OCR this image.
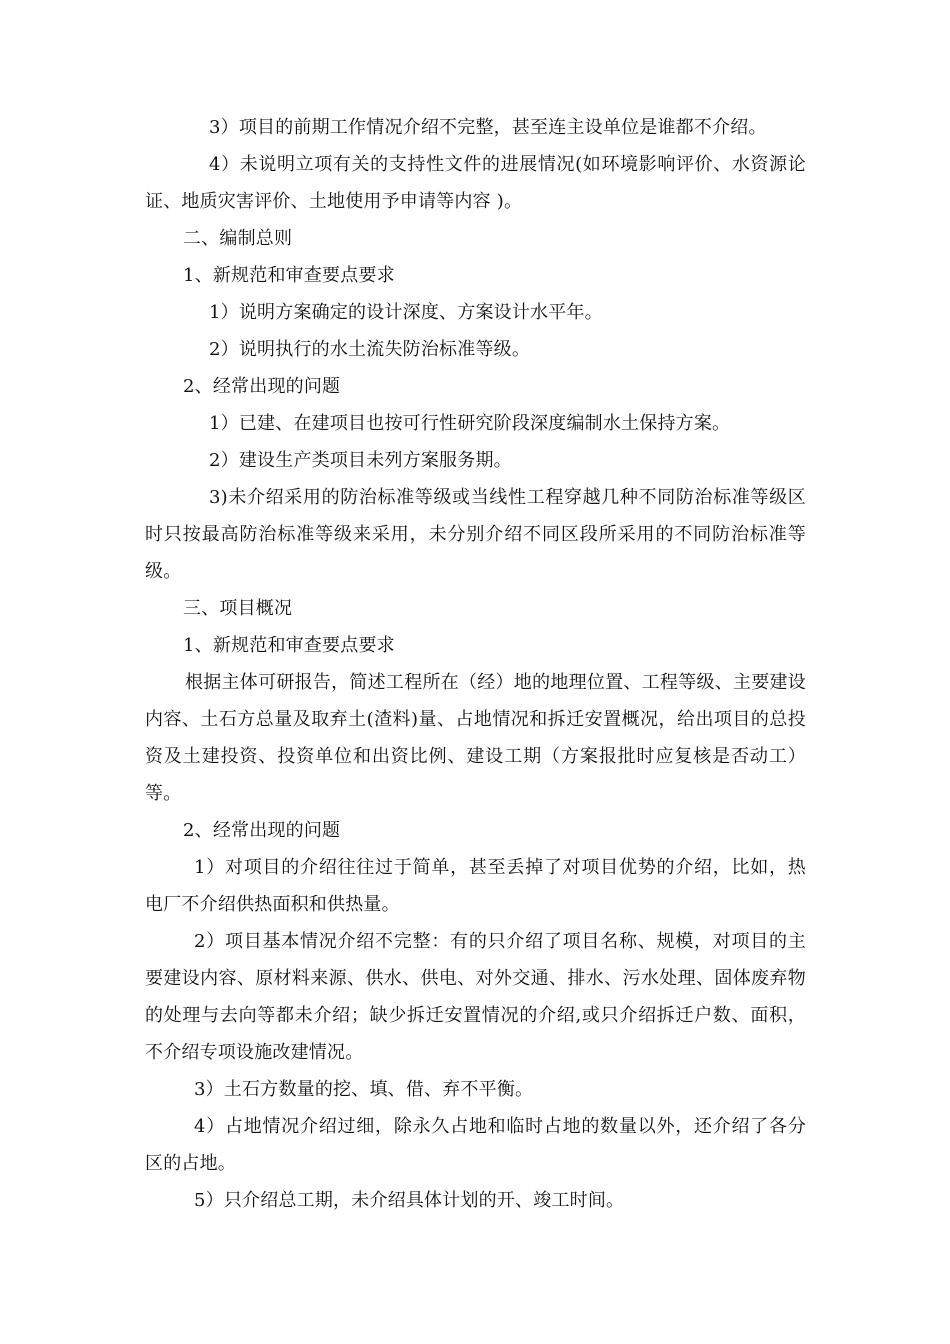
3）项目的前期工作情况介绍不完整，甚至连主设单位是谁都不介绍。
4）未说明立项有关的支持性文件的进展情况(如环境影响评价、水资源论证、地质灾害评价、土地使用予申请等内容 )。
二、编制总则
1、新规范和审查要点要求
1）说明方案确定的设计深度、方案设计水平年。
2）说明执行的水土流失防治标准等级。
2、经常出现的问题
1）已建、在建项目也按可行性研究阶段深度编制水土保持方案。
2）建设生产类项目未列方案服务期。
3)未介绍采用的防治标准等级或当线性工程穿越几种不同防治标准等级区时只按最高防治标准等级来采用，未分别介绍不同区段所采用的不同防治标准等级。
三、项目概况
1、新规范和审查要点要求
根据主体可研报告，简述工程所在（经）地的地理位置、工程等级、主要建设内容、土石方总量及取弃土(渣料)量、占地情况和拆迁安置概况，给出项目的总投资及土建投资、投资单位和出资比例、建设工期（方案报批时应复核是否动工）等。
2、经常出现的问题
1）对项目的介绍往往过于简单，甚至丢掉了对项目优势的介绍，比如，热电厂不介绍供热面积和供热量。
2）项目基本情况介绍不完整：有的只介绍了项目名称、规模，对项目的主要建设内容、原材料来源、供水、供电、对外交通、排水、污水处理、固体废弃物的处理与去向等都未介绍；缺少拆迁安置情况的介绍,或只介绍拆迁户数、面积，不介绍专项设施改建情况。
3）土石方数量的挖、填、借、弃不平衡。
4）占地情况介绍过细，除永久占地和临时占地的数量以外，还介绍了各分区的占地。
5）只介绍总工期，未介绍具体计划的开、竣工时间。
